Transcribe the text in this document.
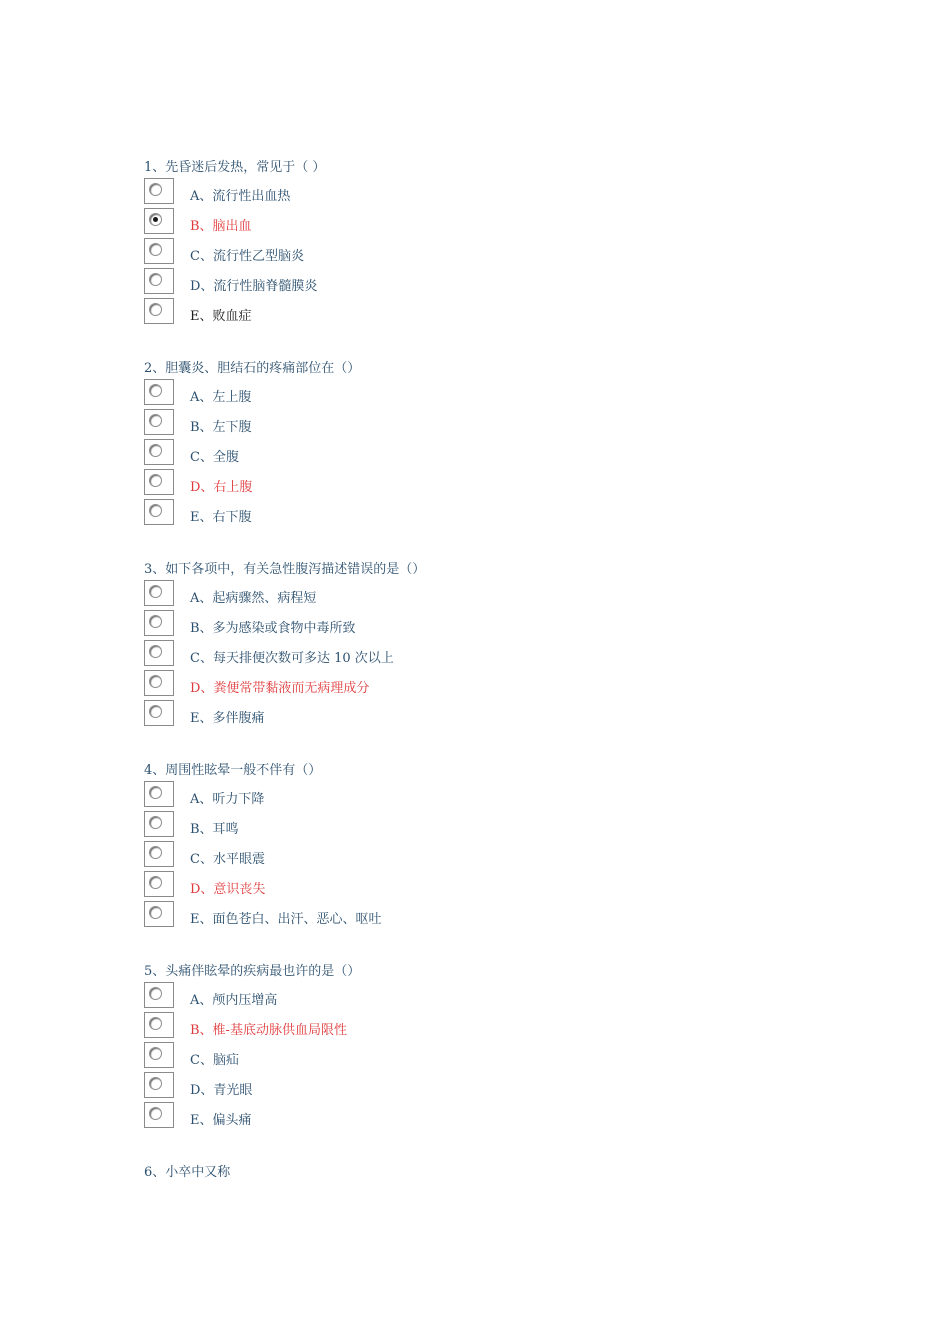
1、先昏迷后发热，常见于（ ）
A、流行性出血热
B、脑出血
C、流行性乙型脑炎
D、流行性脑脊髓膜炎
E、败血症
2、胆囊炎、胆结石的疼痛部位在（）
A、左上腹
B、左下腹
C、全腹
D、右上腹
E、右下腹
3、如下各项中，有关急性腹泻描述错误的是（）
A、起病骤然、病程短
B、多为感染或食物中毒所致
C、每天排便次数可多达 10 次以上
D、粪便常带黏液而无病理成分
E、多伴腹痛
4、周围性眩晕一般不伴有（）
A、听力下降
B、耳鸣
C、水平眼震
D、意识丧失
E、面色苍白、出汗、恶心、呕吐
5、头痛伴眩晕的疾病最也许的是（）
A、颅内压增高
B、椎-基底动脉供血局限性
C、脑疝
D、青光眼
E、偏头痛
6、小卒中又称
